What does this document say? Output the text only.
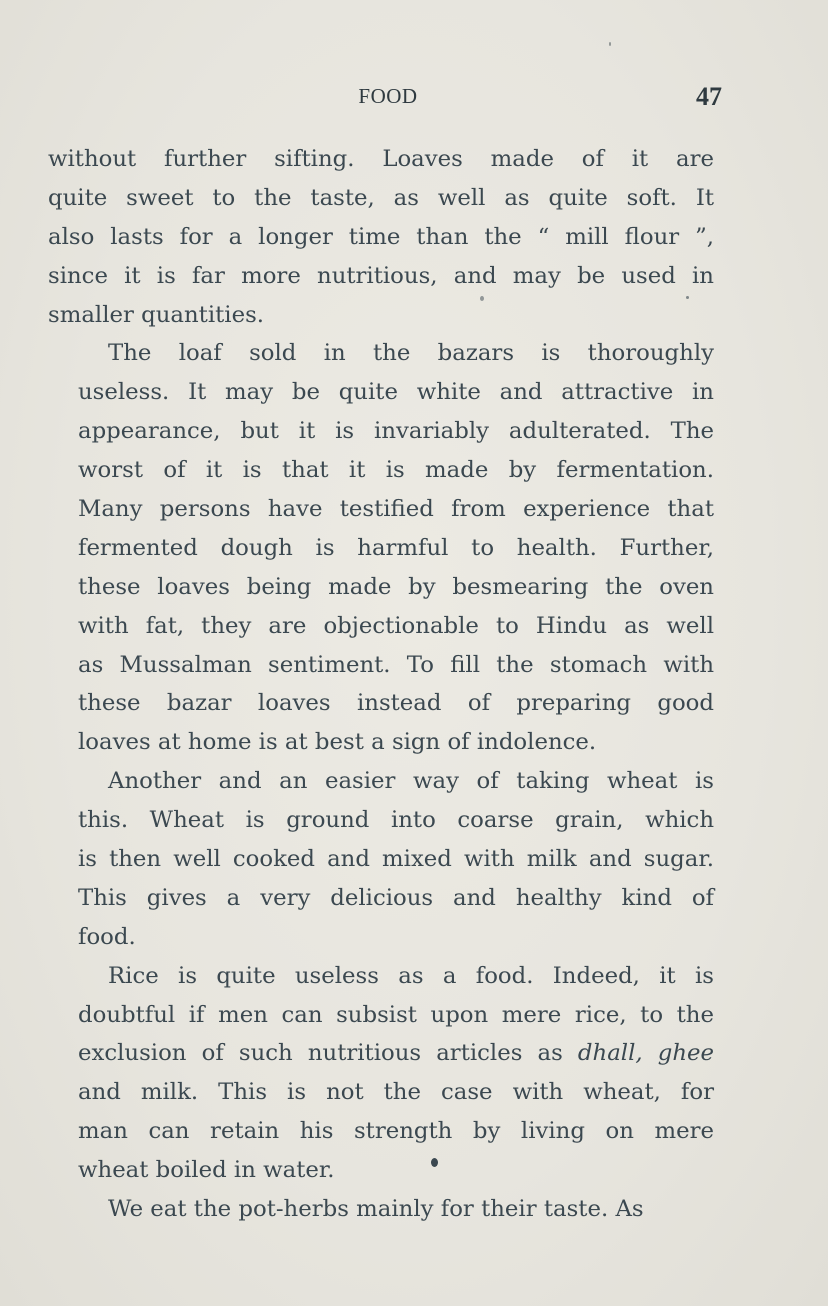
FOOD	47
without further sifting. Loaves made of it are
quite sweet to the taste, as well as quite soft. It
also lasts for a longer time than the “ mill flour ”,
since it is far more nutritious, and may be used in
smaller quantities.
The loaf sold in the bazars is thoroughly
useless. It may be quite white and attractive in
appearance, but it is invariably adulterated. The
worst of it is that it is made by fermentation.
Many persons have testified from experience that
fermented dough is harmful to health. Further,
these loaves being made by besmearing the oven
with fat, they are objectionable to Hindu as well
as Mussalman sentiment. To fill the stomach with
these bazar loaves instead of preparing good
loaves at home is at best a sign of indolence.
Another and an easier way of taking wheat is
this. Wheat is ground into coarse grain, which
is then well cooked and mixed with milk and sugar.
This gives a very delicious and healthy kind of
food.
Rice is quite useless as a food. Indeed, it is
doubtful if men can subsist upon mere rice, to the
exclusion of such nutritious articles as dhall, ghee
and milk. This is not the case with wheat, for
man can retain his strength by living on mere
wheat boiled in water.
We eat the pot-herbs mainly for their taste. As
